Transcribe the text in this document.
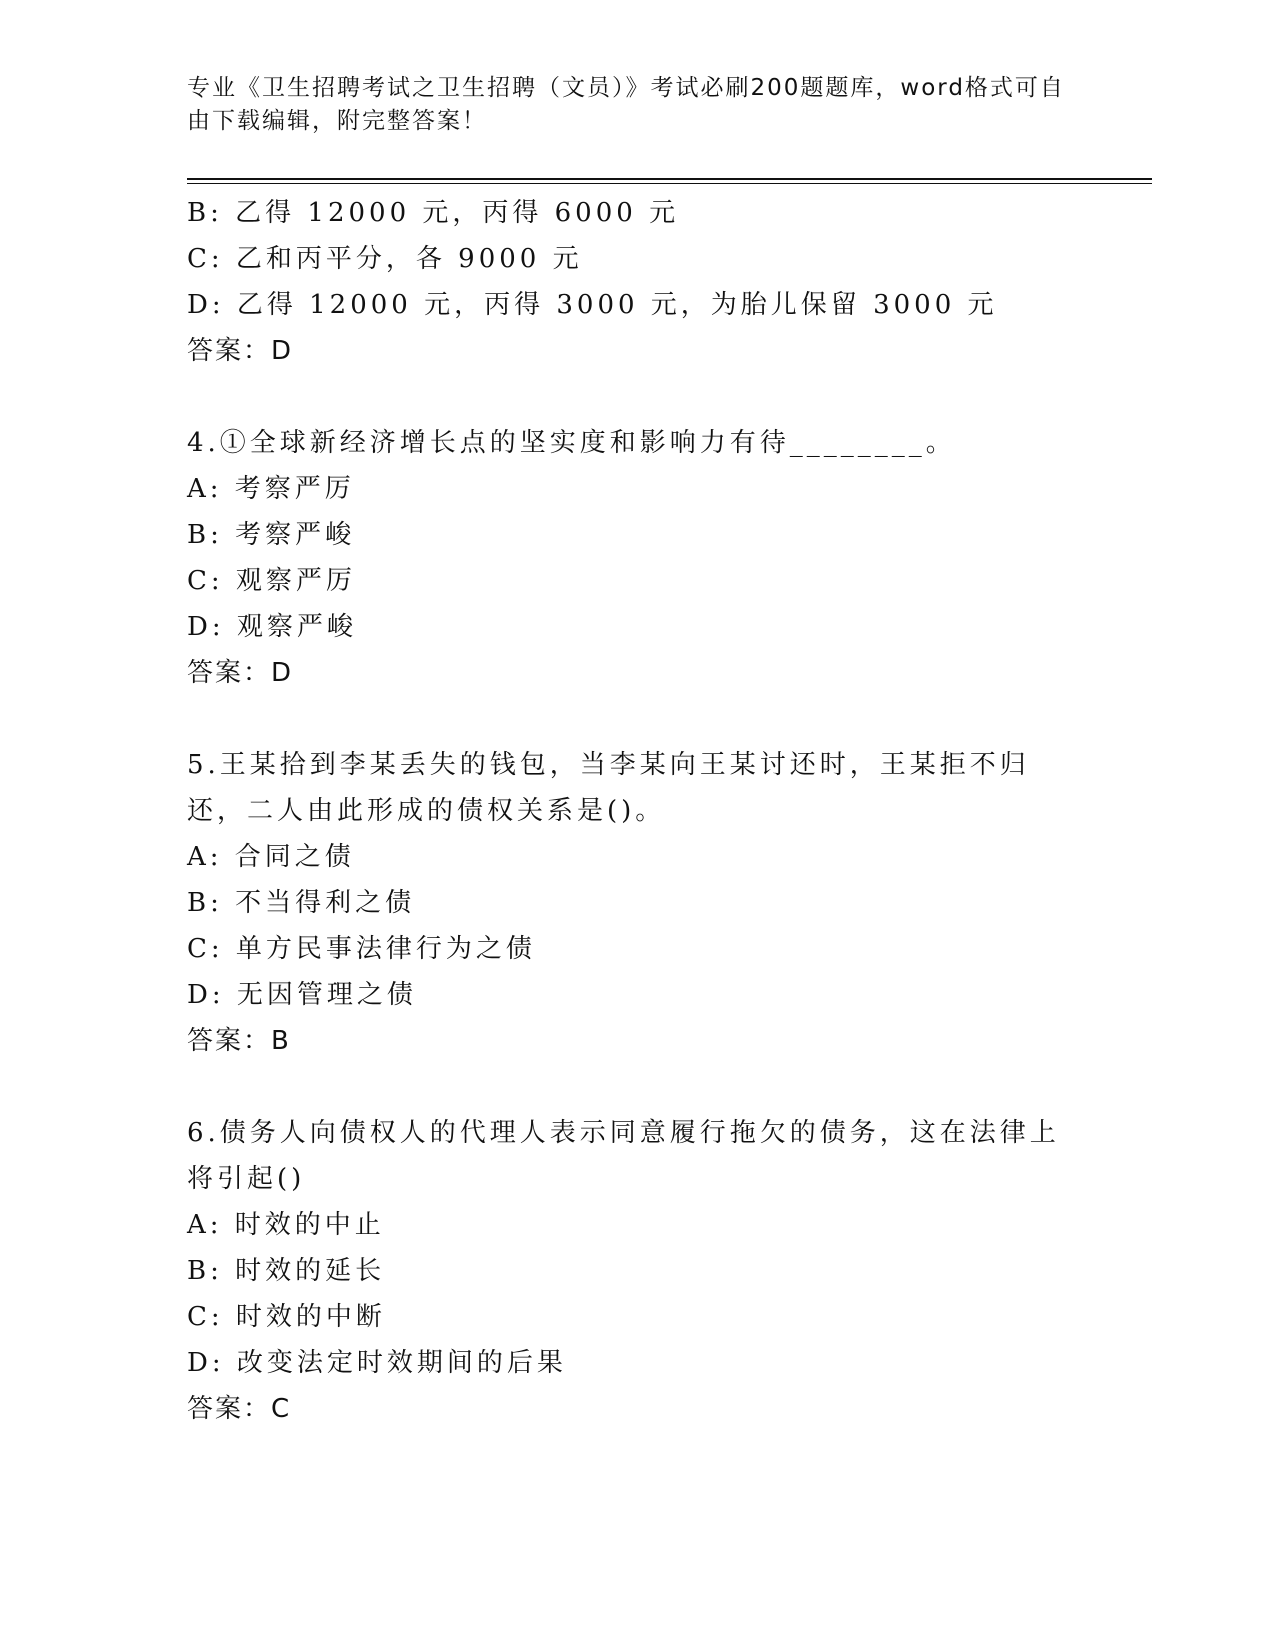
专业《卫生招聘考试之卫生招聘（文员）》考试必刷200题题库，word格式可自由下载编辑，附完整答案！
B: 乙得 12000 元，丙得 6000 元
C: 乙和丙平分，各 9000 元
D: 乙得 12000 元，丙得 3000 元，为胎儿保留 3000 元
答案：D
4.①全球新经济增长点的坚实度和影响力有待________。
A: 考察严厉
B: 考察严峻
C: 观察严厉
D: 观察严峻
答案：D
5.王某拾到李某丢失的钱包，当李某向王某讨还时，王某拒不归还，二人由此形成的债权关系是()。
A: 合同之债
B: 不当得利之债
C: 单方民事法律行为之债
D: 无因管理之债
答案：B
6.债务人向债权人的代理人表示同意履行拖欠的债务，这在法律上将引起()
A: 时效的中止
B: 时效的延长
C: 时效的中断
D: 改变法定时效期间的后果
答案：C
